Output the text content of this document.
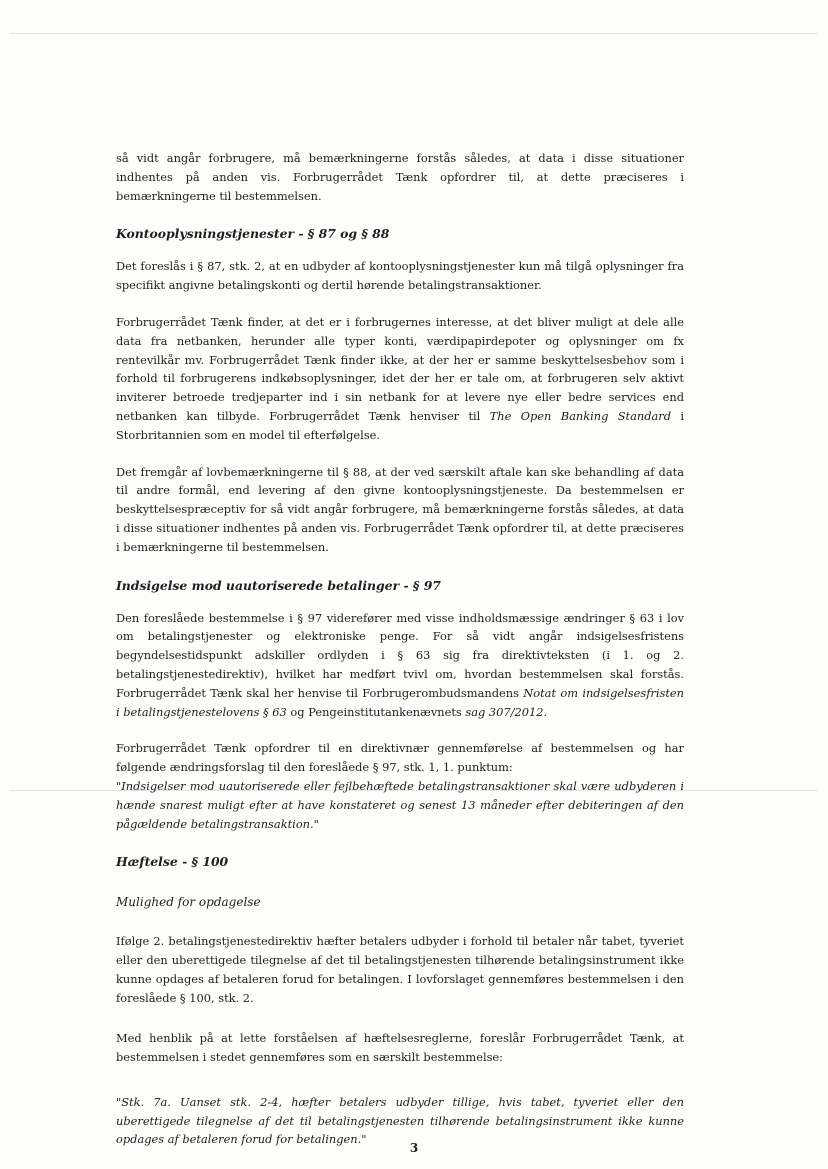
så vidt angår forbrugere, må bemærkningerne forstås således, at data i disse situationer indhentes på anden vis. Forbrugerrådet Tænk opfordrer til, at dette præciseres i bemærkningerne til bestemmelsen.

Kontooplysningstjenester - § 87 og § 88

Det foreslås i § 87, stk. 2, at en udbyder af kontooplysningstjenester kun må tilgå oplysninger fra specifikt angivne betalingskonti og dertil hørende betalingstransaktioner.

Forbrugerrådet Tænk finder, at det er i forbrugernes interesse, at det bliver muligt at dele alle data fra netbanken, herunder alle typer konti, værdipapirdepoter og oplysninger om fx rentevilkår mv. Forbrugerrådet Tænk finder ikke, at der her er samme beskyttelsesbehov som i forhold til forbrugerens indkøbsoplysninger, idet der her er tale om, at forbrugeren selv aktivt inviterer betroede tredjeparter ind i sin netbank for at levere nye eller bedre services end netbanken kan tilbyde. Forbrugerrådet Tænk henviser til The Open Banking Standard i Storbritannien som en model til efterfølgelse.

Det fremgår af lovbemærkningerne til § 88, at der ved særskilt aftale kan ske behandling af data til andre formål, end levering af den givne kontooplysningstjeneste. Da bestemmelsen er beskyttelsespræceptiv for så vidt angår forbrugere, må bemærkningerne forstås således, at data i disse situationer indhentes på anden vis. Forbrugerrådet Tænk opfordrer til, at dette præciseres i bemærkningerne til bestemmelsen.

Indsigelse mod uautoriserede betalinger - § 97

Den foreslåede bestemmelse i § 97 viderefører med visse indholdsmæssige ændringer § 63 i lov om betalingstjenester og elektroniske penge. For så vidt angår indsigelsesfristens begyndelsestidspunkt adskiller ordlyden i § 63 sig fra direktivteksten (i 1. og 2. betalingstjenestedirektiv), hvilket har medført tvivl om, hvordan bestemmelsen skal forstås. Forbrugerrådet Tænk skal her henvise til Forbrugerombudsmandens Notat om indsigelsesfristen i betalingstjenestelovens § 63 og Pengeinstitutankenævnets sag 307/2012.

Forbrugerrådet Tænk opfordrer til en direktivnær gennemførelse af bestemmelsen og har følgende ændringsforslag til den foreslåede § 97, stk. 1, 1. punktum:

"Indsigelser mod uautoriserede eller fejlbehæftede betalingstransaktioner skal være udbyderen i hænde snarest muligt efter at have konstateret og senest 13 måneder efter debiteringen af den pågældende betalingstransaktion."

Hæftelse - § 100
Mulighed for opdagelse

Ifølge 2. betalingstjenestedirektiv hæfter betalers udbyder i forhold til betaler når tabet, tyveriet eller den uberettigede tilegnelse af det til betalingstjenesten tilhørende betalingsinstrument ikke kunne opdages af betaleren forud for betalingen. I lovforslaget gennemføres bestemmelsen i den foreslåede § 100, stk. 2.

Med henblik på at lette forståelsen af hæftelsesreglerne, foreslår Forbrugerrådet Tænk, at bestemmelsen i stedet gennemføres som en særskilt bestemmelse:

"Stk. 7a. Uanset stk. 2-4, hæfter betalers udbyder tillige, hvis tabet, tyveriet eller den uberettigede tilegnelse af det til betalingstjenesten tilhørende betalingsinstrument ikke kunne opdages af betaleren forud for betalingen."

3
